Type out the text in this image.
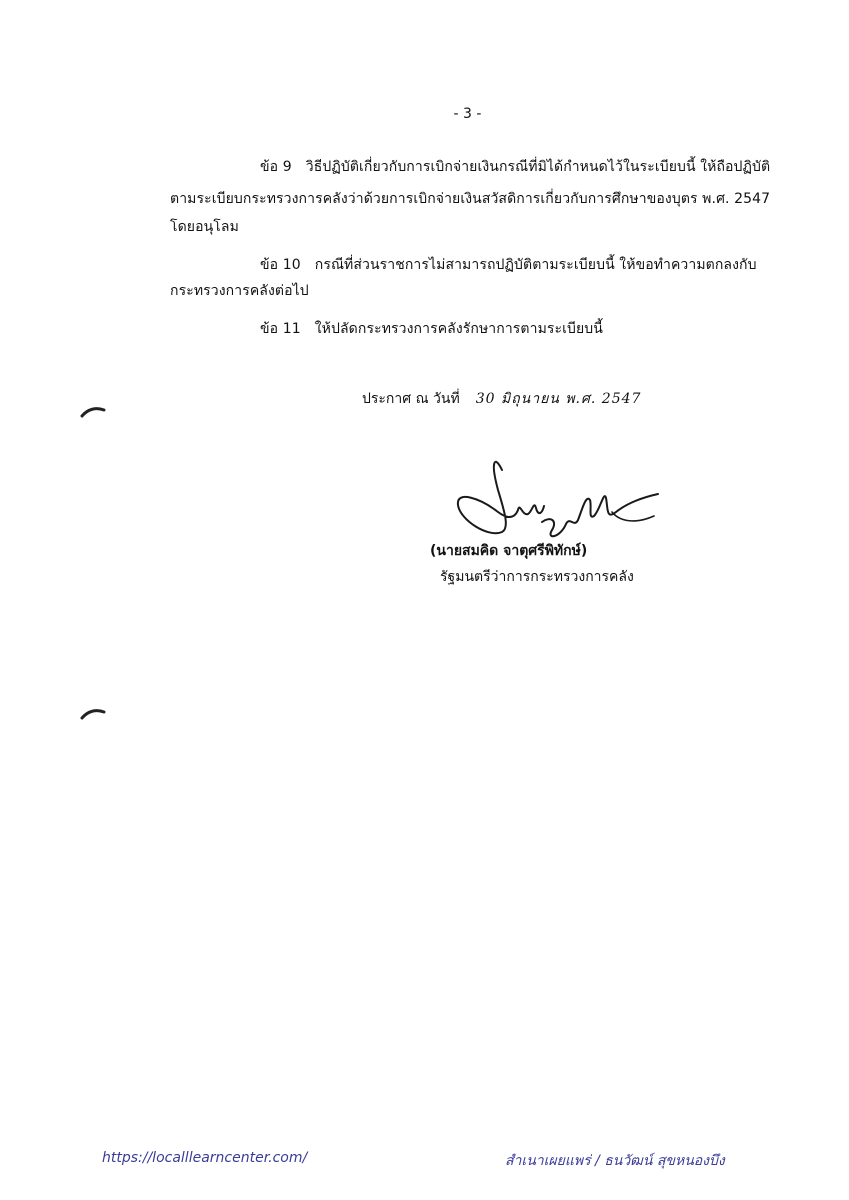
- 3 -
ข้อ 9 วิธีปฏิบัติเกี่ยวกับการเบิกจ่ายเงินกรณีที่มิได้กำหนดไว้ในระเบียบนี้ ให้ถือปฏิบัติ
ตามระเบียบกระทรวงการคลังว่าด้วยการเบิกจ่ายเงินสวัสดิการเกี่ยวกับการศึกษาของบุตร พ.ศ. 2547
โดยอนุโลม
ข้อ 10 กรณีที่ส่วนราชการไม่สามารถปฏิบัติตามระเบียบนี้ ให้ขอทำความตกลงกับ
กระทรวงการคลังต่อไป
ข้อ 11 ให้ปลัดกระทรวงการคลังรักษาการตามระเบียบนี้
ประกาศ ณ วันที่ 30 มิถุนายน พ.ศ. 2547
(นายสมคิด จาตุศรีพิทักษ์)
รัฐมนตรีว่าการกระทรวงการคลัง
https://localllearncenter.com/	สำเนาเผยแพร่ / ธนวัฒน์ สุขหนองบึง
